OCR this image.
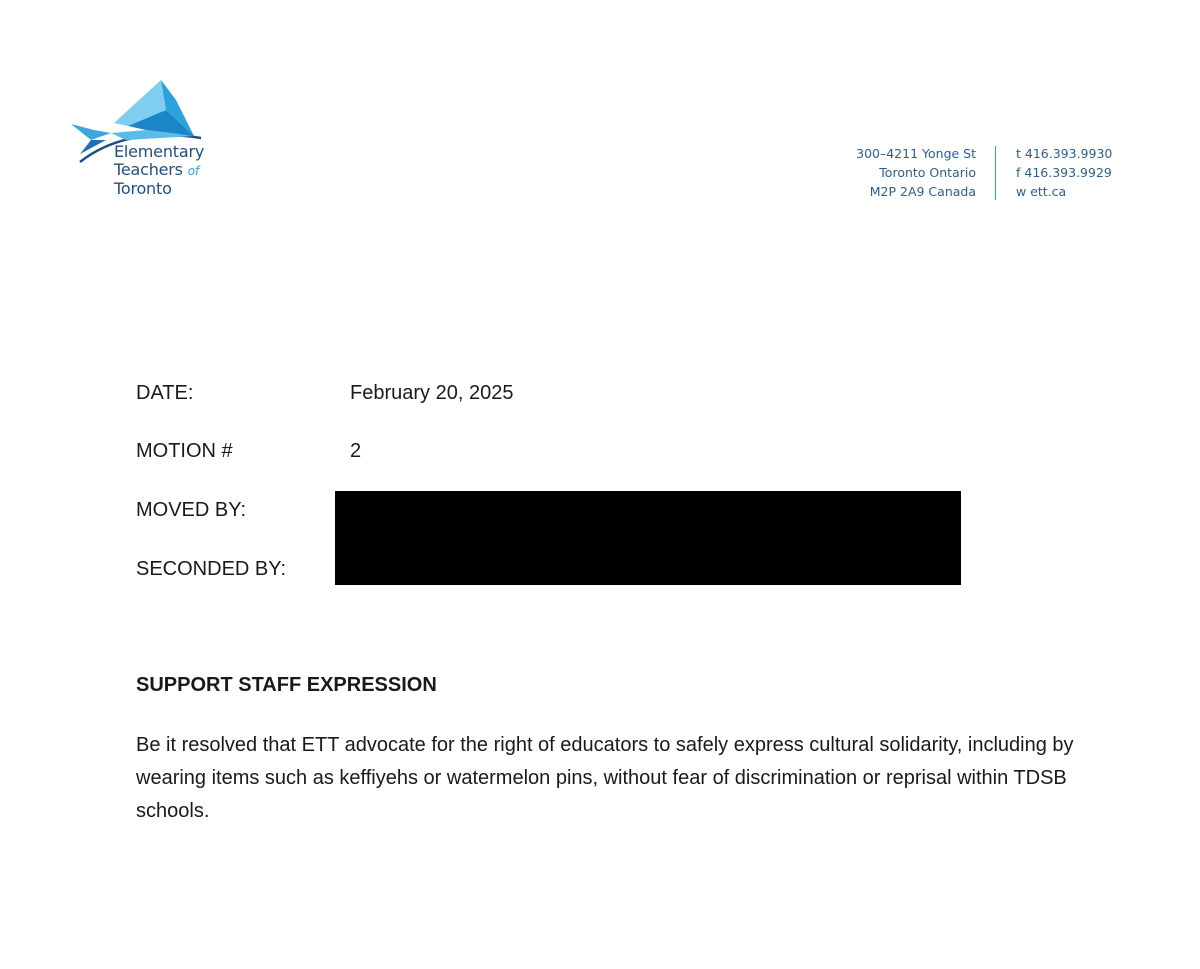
Elementary
Teachers of
Toronto
300–4211 Yonge St
Toronto Ontario
M2P 2A9 Canada
t 416.393.9930
f 416.393.9929
w ett.ca
DATE:	February 20, 2025
MOTION #	2
MOVED BY:
SECONDED BY:
SUPPORT STAFF EXPRESSION
Be it resolved that ETT advocate for the right of educators to safely express cultural solidarity, including by wearing items such as keffiyehs or watermelon pins, without fear of discrimination or reprisal within TDSB schools.
